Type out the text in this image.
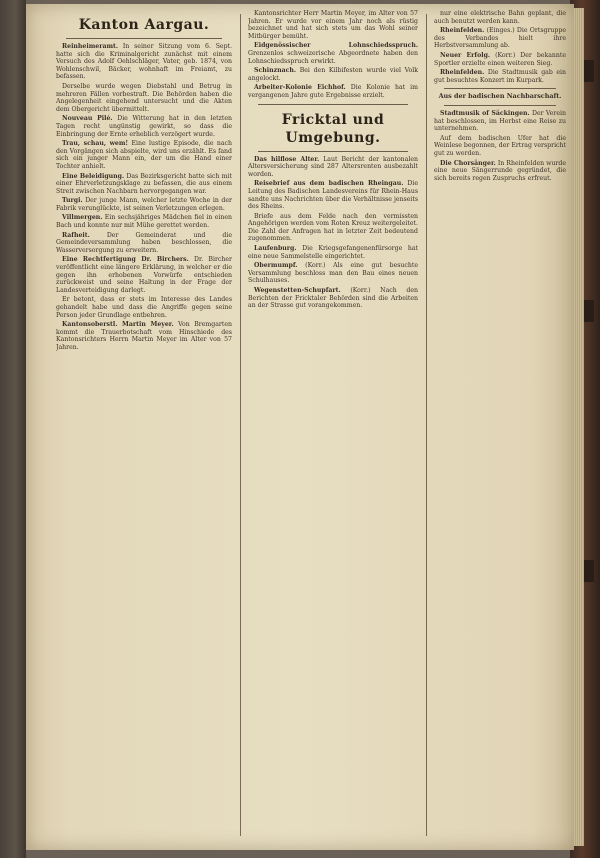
Kanton Aargau.

Reinheimeramt. In seiner Sitzung vom 6. Sept. hatte sich die Kriminalgericht zunächst mit einem Versuch des Adolf Oehlschläger, Vater, geb. 1874, von Wohlenschwil, Bäcker, wohnhaft im Freiamt, zu befassen.

Derselbe wurde wegen Diebstahl und Betrug in mehreren Fällen vorbestraft. Die Behörden haben die Angelegenheit eingehend untersucht und die Akten dem Obergericht übermittelt.

Nouveau Pilé. Die Witterung hat in den letzten Tagen recht ungünstig gewirkt, so dass die Einbringung der Ernte erheblich verzögert wurde.

Trau, schau, wem! Eine lustige Episode, die nach den Vorgängen sich abspielte, wird uns erzählt. Es fand sich ein junger Mann ein, der um die Hand einer Tochter anhielt.

Eine Beleidigung. Das Bezirksgericht hatte sich mit einer Ehrverletzungsklage zu befassen, die aus einem Streit zwischen Nachbarn hervorgegangen war.

Turgi. Der junge Mann, welcher letzte Woche in der Fabrik verunglückte, ist seinen Verletzungen erlegen.

Villmergen. Ein sechsjähriges Mädchen fiel in einen Bach und konnte nur mit Mühe gerettet werden.

Rafheit.	Der Gemeinderat und die Gemeindeversammlung haben beschlossen, die Wasserversorgung zu erweitern.

Eine Rechtfertigung Dr. Birchers. Dr. Bircher veröffentlicht eine längere Erklärung, in welcher er die gegen ihn erhobenen Vorwürfe entschieden zurückweist und seine Haltung in der Frage der Landesverteidigung darlegt.

Er betont, dass er stets im Interesse des Landes gehandelt habe und dass die Angriffe gegen seine Person jeder Grundlage entbehren.

Kantonsoberstl. Martin Meyer. Von Bremgarten kommt die Trauerbotschaft vom Hinschiede des Kantonsrichters Herrn Martin Meyer im Alter von 57 Jahren.

Kantonsrichter Herr Martin Meyer, im Alter von 57 Jahren. Er wurde vor einem Jahr noch als rüstig bezeichnet und hat sich stets um das Wohl seiner Mitbürger bemüht.

Eidgenössischer Lohnschiedsspruch. Grenzenlos schweizerische Abgeordnete haben den Lohnschiedsspruch erwirkt.

Schinznach. Bei den Kilbifesten wurde viel Volk angelockt.

Arbeiter-Kolonie Eichhof. Die Kolonie hat im vergangenen Jahre gute Ergebnisse erzielt.

Fricktal und Umgebung.

Das hilflose Alter. Laut Bericht der kantonalen Altersversicherung sind 287 Altersrenten ausbezahlt worden.

Reisebrief aus dem badischen Rheingau. Die Leitung des Badischen Landesvereins für Rhein-Haus sandte uns Nachrichten über die Verhältnisse jenseits des Rheins.

Briefe aus dem Felde nach den vermissten Angehörigen werden vom Roten Kreuz weitergeleitet. Die Zahl der Anfragen hat in letzter Zeit bedeutend zugenommen.

Laufenburg. Die Kriegsgefangenenfürsorge hat eine neue Sammelstelle eingerichtet.

Obermumpf. (Korr.) Als eine gut besuchte Versammlung beschloss man den Bau eines neuen Schulhauses.

Wegenstetten-Schupfart. (Korr.) Nach den Berichten der Fricktaler Behörden sind die Arbeiten an der Strasse gut vorangekommen.

nur eine elektrische Bahn geplant, die auch benutzt werden kann.

Rheinfelden. (Einges.) Die Ortsgruppe des Verbandes hielt ihre Herbstversammlung ab.

Neuer Erfolg. (Korr.) Der bekannte Sportler erzielte einen weiteren Sieg.

Rheinfelden. Die Stadtmusik gab ein gut besuchtes Konzert im Kurpark.

Aus der badischen Nachbarschaft.

Stadtmusik of Säckingen. Der Verein hat beschlossen, im Herbst eine Reise zu unternehmen.

Auf dem badischen Ufer hat die Weinlese begonnen, der Ertrag verspricht gut zu werden.

Die Chorsänger. In Rheinfelden wurde eine neue Sängerrunde gegründet, die sich bereits regen Zuspruchs erfreut.
